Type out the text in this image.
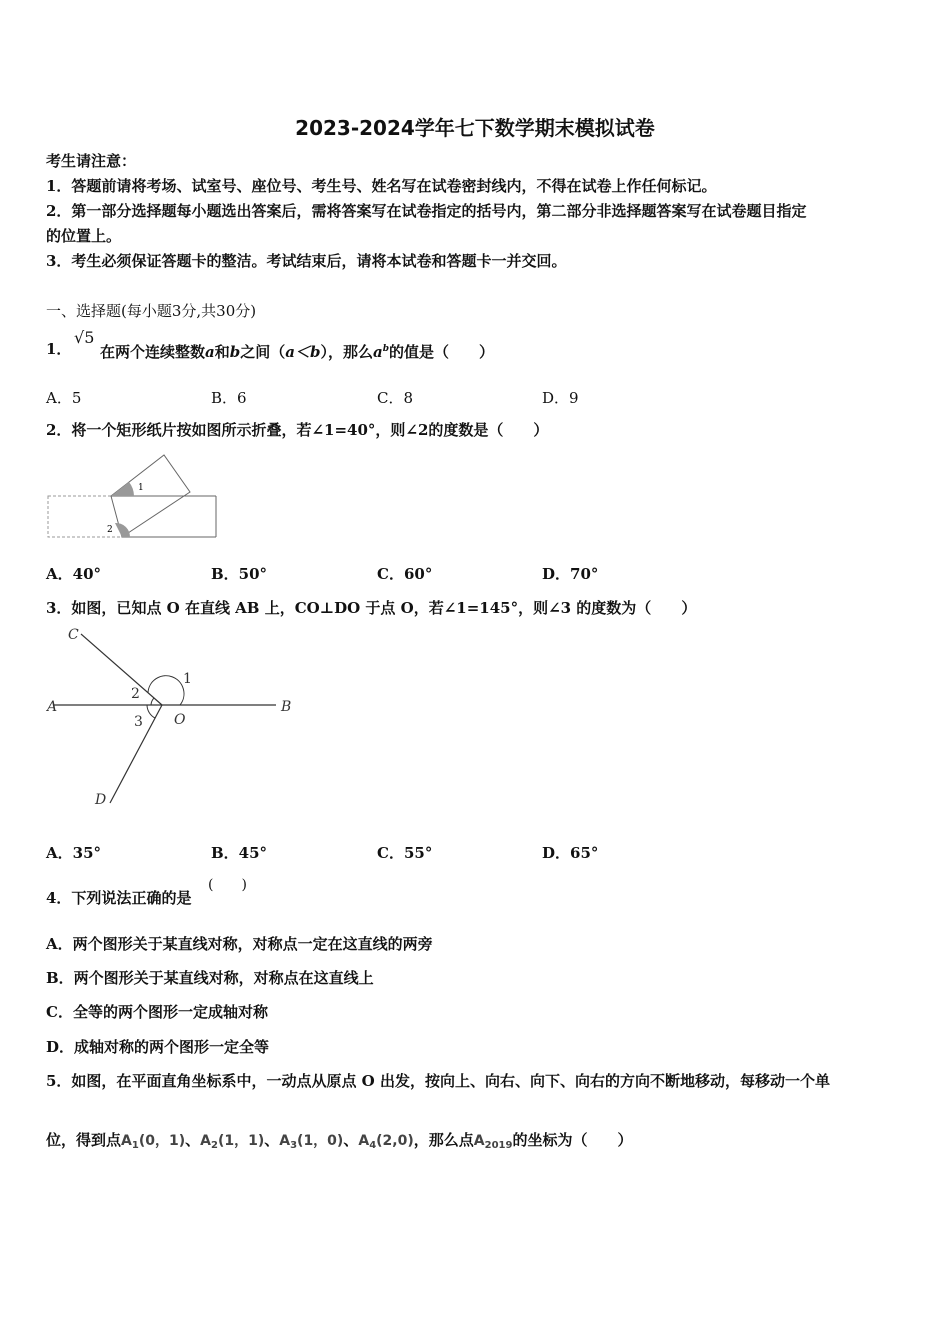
2023-2024学年七下数学期末模拟试卷
考生请注意：
1．答题前请将考场、试室号、座位号、考生号、姓名写在试卷密封线内，不得在试卷上作任何标记。
2．第一部分选择题每小题选出答案后，需将答案写在试卷指定的括号内，第二部分非选择题答案写在试卷题目指定
的位置上。
3．考生必须保证答题卡的整洁。考试结束后，请将本试卷和答题卡一并交回。
一、选择题(每小题3分,共30分)
1．
√5
在两个连续整数a和b之间（a＜b），那么$a^b$的值是（　　）
A．5	B．6	C．8	D．9
2．将一个矩形纸片按如图所示折叠，若∠1=40°，则∠2的度数是（　　）
1
2
A．40°	B．50°	C．60°	D．70°
3．如图，已知点 O 在直线 AB 上，CO⊥DO 于点 O，若∠1=145°，则∠3 的度数为（　　）
C
A	B
O
D
1
2
3
A．35°	B．45°	C．55°	D．65°
4．下列说法正确的是
(　　)
A．两个图形关于某直线对称，对称点一定在这直线的两旁
B．两个图形关于某直线对称，对称点在这直线上
C．全等的两个图形一定成轴对称
D．成轴对称的两个图形一定全等
5．如图，在平面直角坐标系中，一动点从原点 O 出发，按向上、向右、向下、向右的方向不断地移动，每移动一个单
位，得到点$A_1(0$，1)、$A_2(1$，1)、$A_3(1$，0)、$A_4(2,0)$，那么点$A_{2019}$的坐标为（　　）
